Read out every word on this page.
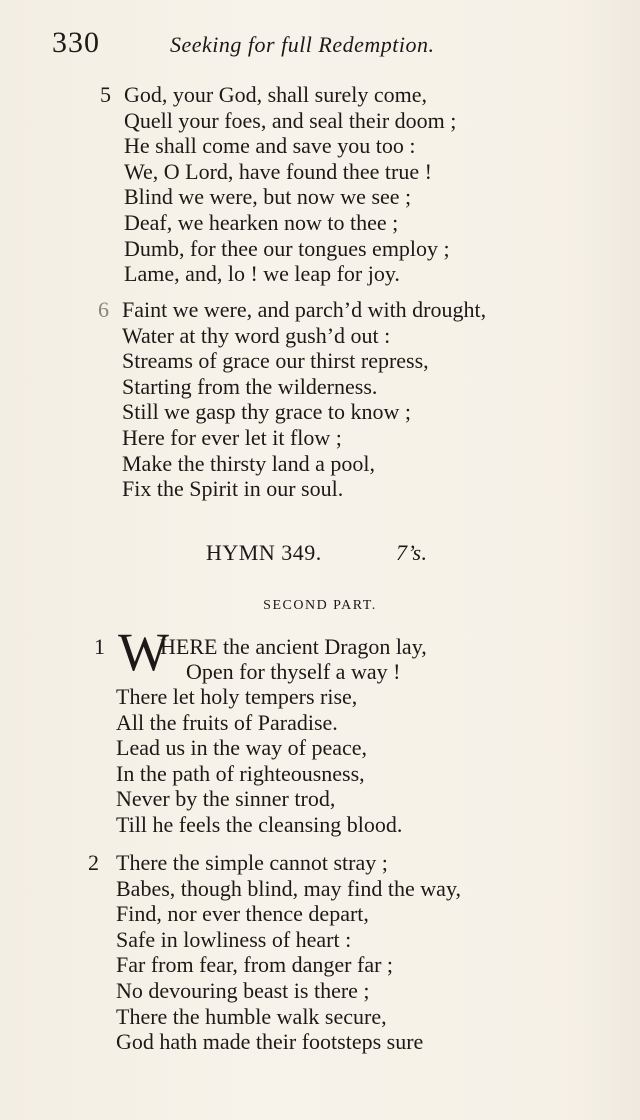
330	Seeking for full Redemption.
5 God, your God, shall surely come,
Quell your foes, and seal their doom ;
He shall come and save you too :
We, O Lord, have found thee true !
Blind we were, but now we see ;
Deaf, we hearken now to thee ;
Dumb, for thee our tongues employ ;
Lame, and, lo ! we leap for joy.
6 Faint we were, and parch’d with drought,
Water at thy word gush’d out :
Streams of grace our thirst repress,
Starting from the wilderness.
Still we gasp thy grace to know ;
Here for ever let it flow ;
Make the thirsty land a pool,
Fix the Spirit in our soul.
HYMN 349.	7’s.
SECOND PART.
1 W
HERE the ancient Dragon lay,
Open for thyself a way !
There let holy tempers rise,
All the fruits of Paradise.
Lead us in the way of peace,
In the path of righteousness,
Never by the sinner trod,
Till he feels the cleansing blood.
2 There the simple cannot stray ;
Babes, though blind, may find the way,
Find, nor ever thence depart,
Safe in lowliness of heart :
Far from fear, from danger far ;
No devouring beast is there ;
There the humble walk secure,
God hath made their footsteps sure
